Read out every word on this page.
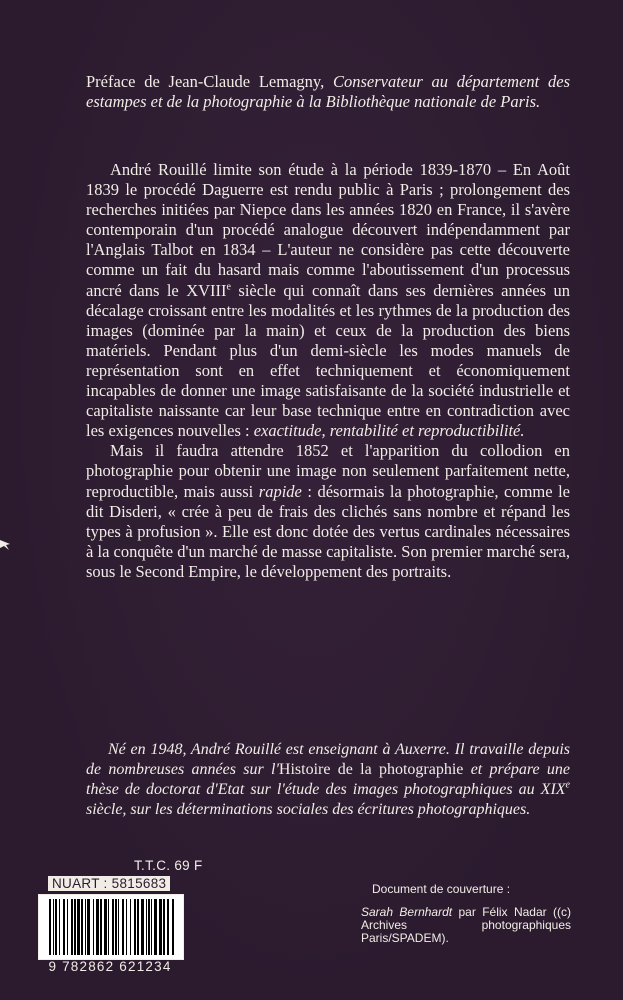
Préface de Jean-Claude Lemagny, Conservateur au département des estampes et de la photographie à la Bibliothèque nationale de Paris.

André Rouillé limite son étude à la période 1839-1870 – En Août 1839 le procédé Daguerre est rendu public à Paris ; prolongement des recherches initiées par Niepce dans les années 1820 en France, il s'avère contemporain d'un procédé analogue découvert indépendamment par l'Anglais Talbot en 1834 – L'auteur ne considère pas cette découverte comme un fait du hasard mais comme l'aboutissement d'un processus ancré dans le XVIIIe siècle qui connaît dans ses dernières années un décalage croissant entre les modalités et les rythmes de la production des images (dominée par la main) et ceux de la production des biens matériels. Pendant plus d'un demi-siècle les modes manuels de représentation sont en effet techniquement et économiquement incapables de donner une image satisfaisante de la société industrielle et capitaliste naissante car leur base technique entre en contradiction avec les exigences nouvelles : exactitude, rentabilité et reproductibilité.

Mais il faudra attendre 1852 et l'apparition du collodion en photographie pour obtenir une image non seulement parfaitement nette, reproductible, mais aussi rapide : désormais la photographie, comme le dit Disderi, « crée à peu de frais des clichés sans nombre et répand les types à profusion ». Elle est donc dotée des vertus cardinales nécessaires à la conquête d'un marché de masse capitaliste. Son premier marché sera, sous le Second Empire, le développement des portraits.

Né en 1948, André Rouillé est enseignant à Auxerre. Il travaille depuis de nombreuses années sur l'Histoire de la photographie et prépare une thèse de doctorat d'Etat sur l'étude des images photographiques au XIXe siècle, sur les déterminations sociales des écritures photographiques.
T.T.C. 69 F
NUART : 5815683
9 782862 621234
Document de couverture :
Sarah Bernhardt par Félix Nadar ((c) Archives photographiques Paris/SPADEM).
